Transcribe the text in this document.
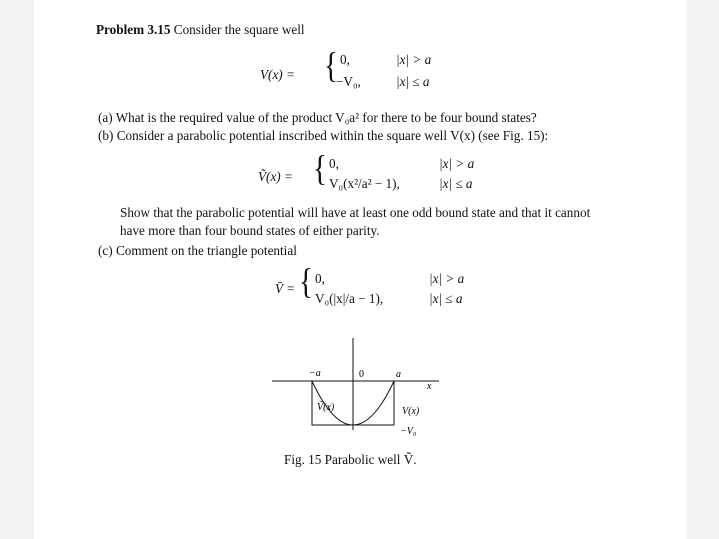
Problem 3.15 Consider the square well
V(x) = { 0,	|x| > a
−V₀,	|x| ≤ a
(a) What is the required value of the product V₀a² for there to be four bound states?
(b) Consider a parabolic potential inscribed within the square well V(x) (see Fig. 15):
Ṽ(x) = { 0,	|x| > a
V₀(x²/a² − 1),	|x| ≤ a
Show that the parabolic potential will have at least one odd bound state and that it cannot
have more than four bound states of either parity.
(c) Comment on the triangle potential
V̄ = { 0,	|x| > a
V₀(|x|/a − 1),	|x| ≤ a
−a	0	a
x
Ṽ(x)	V(x)
−V₀
Fig. 15 Parabolic well Ṽ.
